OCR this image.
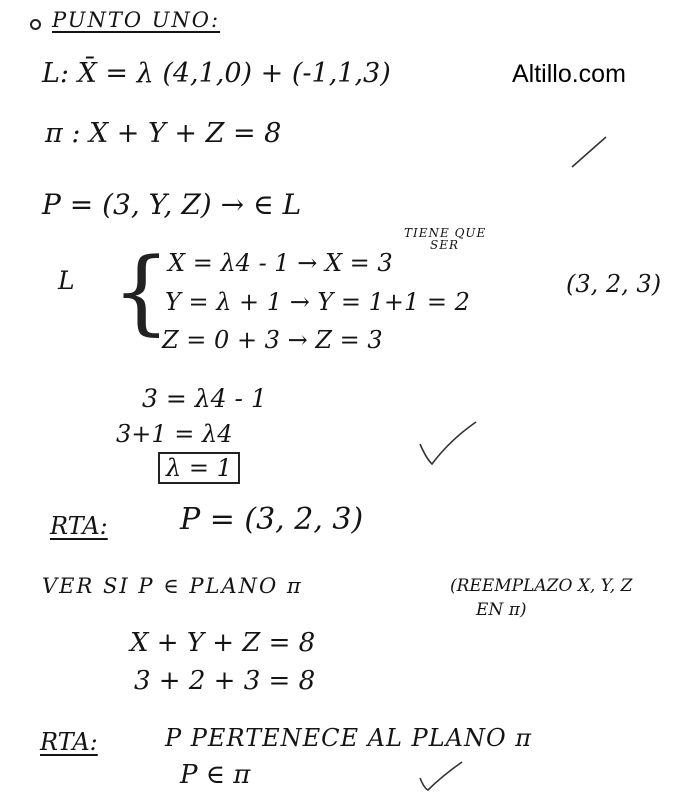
Altillo.com
PUNTO UNO:
L: X̄ = λ (4,1,0) + (-1,1,3)
π : X + Y + Z = 8
P = (3, Y, Z) → ∈ L
TIENE QUE
SER
L {
X = λ4 - 1 → X = 3
Y = λ + 1 → Y = 1+1 = 2
Z = 0 + 3 → Z = 3
(3, 2, 3)
3 = λ4 - 1
3+1 = λ4
λ = 1
RTA: P = (3, 2, 3)
VER SI P ∈ PLANO π	(REEMPLAZO X, Y, Z
EN π)
X + Y + Z = 8
3 + 2 + 3 = 8
RTA:	P PERTENECE AL PLANO π
P ∈ π
